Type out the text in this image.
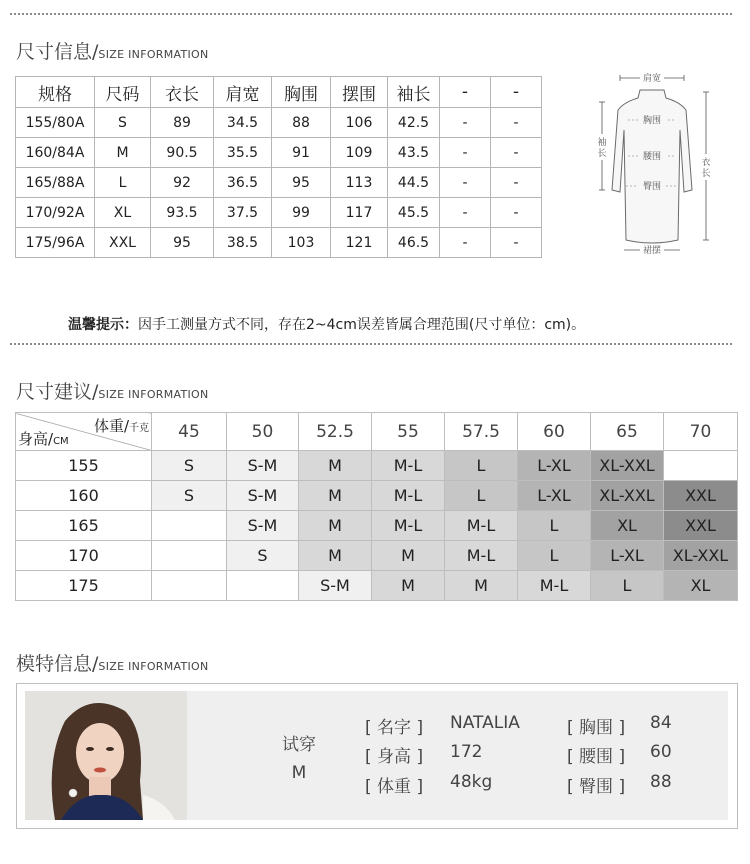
尺寸信息/SIZE INFORMATION
规格	尺码	衣长	肩宽	胸围	摆围	袖长	-	-
155/80A	S	89	34.5	88	106	42.5	-	-
160/84A	M	90.5	35.5	91	109	43.5	-	-
165/88A	L	92	36.5	95	113	44.5	-	-
170/92A	XL	93.5	37.5	99	117	45.5	-	-
175/96A	XXL	95	38.5	103	121	46.5	-	-
肩宽
胸围
腰围
臀围
裙摆
袖长
衣长
温馨提示：因手工测量方式不同，存在2~4cm误差皆属合理范围(尺寸单位：cm)。
尺寸建议/SIZE INFORMATION
体重/千克
身高/CM	45	50	52.5	55	57.5	60	65	70
155	S	S-M	M	M-L	L	L-XL	XL-XXL	
160	S	S-M	M	M-L	L	L-XL	XL-XXL	XXL
165		S-M	M	M-L	M-L	L	XL	XXL
170		S	M	M	M-L	L	L-XL	XL-XXL
175			S-M	M	M	M-L	L	XL
模特信息/SIZE INFORMATION
试穿
M
[ 名字 ] NATALIA
[ 身高 ] 172
[ 体重 ] 48kg
[ 胸围 ] 84
[ 腰围 ] 60
[ 臀围 ] 88
